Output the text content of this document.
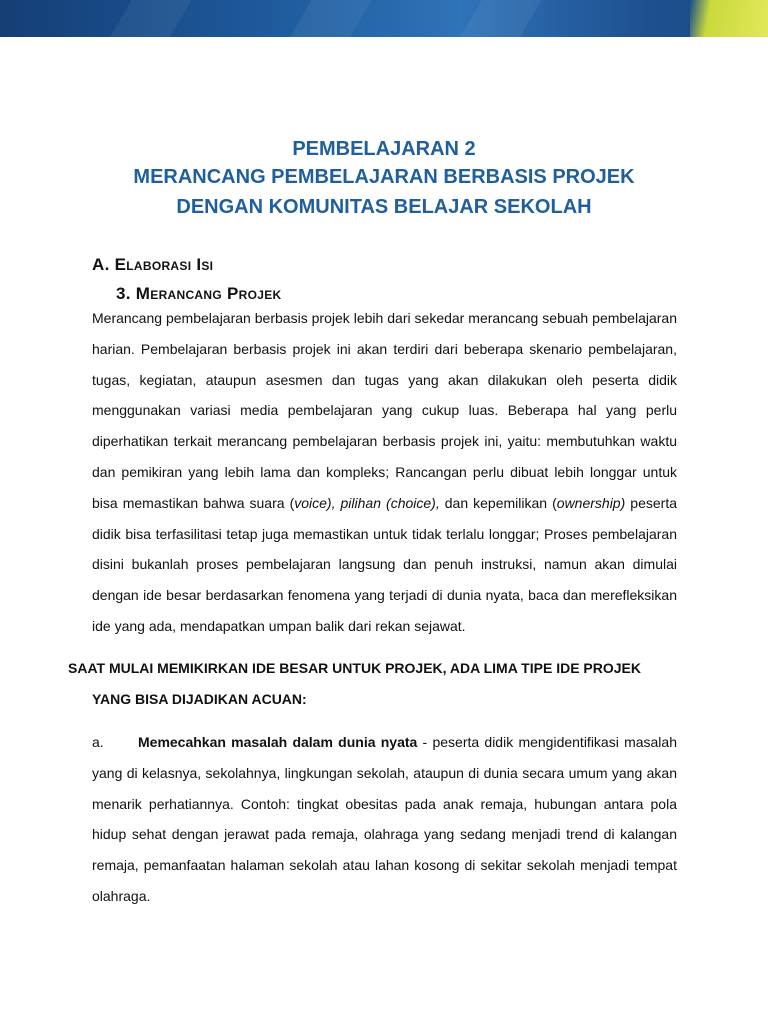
PEMBELAJARAN 2
MERANCANG PEMBELAJARAN BERBASIS PROJEK
DENGAN KOMUNITAS BELAJAR SEKOLAH
A. Elaborasi Isi
3. Merancang Projek
Merancang pembelajaran berbasis projek lebih dari sekedar merancang sebuah pembelajaran harian. Pembelajaran berbasis projek ini akan terdiri dari beberapa skenario pembelajaran, tugas, kegiatan, ataupun asesmen dan tugas yang akan dilakukan oleh peserta didik menggunakan variasi media pembelajaran yang cukup luas. Beberapa hal yang perlu diperhatikan terkait merancang pembelajaran berbasis projek ini, yaitu: membutuhkan waktu dan pemikiran yang lebih lama dan kompleks; Rancangan perlu dibuat lebih longgar untuk bisa memastikan bahwa suara (voice), pilihan (choice), dan kepemilikan (ownership) peserta didik bisa terfasilitasi tetap juga memastikan untuk tidak terlalu longgar; Proses pembelajaran disini bukanlah proses pembelajaran langsung dan penuh instruksi, namun akan dimulai dengan ide besar berdasarkan fenomena yang terjadi di dunia nyata, baca dan merefleksikan ide yang ada, mendapatkan umpan balik dari rekan sejawat.
SAAT MULAI MEMIKIRKAN IDE BESAR UNTUK PROJEK, ADA LIMA TIPE IDE PROJEK
YANG BISA DIJADIKAN ACUAN:
a. Memecahkan masalah dalam dunia nyata - peserta didik mengidentifikasi masalah yang di kelasnya, sekolahnya, lingkungan sekolah, ataupun di dunia secara umum yang akan menarik perhatiannya. Contoh: tingkat obesitas pada anak remaja, hubungan antara pola hidup sehat dengan jerawat pada remaja, olahraga yang sedang menjadi trend di kalangan remaja, pemanfaatan halaman sekolah atau lahan kosong di sekitar sekolah menjadi tempat olahraga.
